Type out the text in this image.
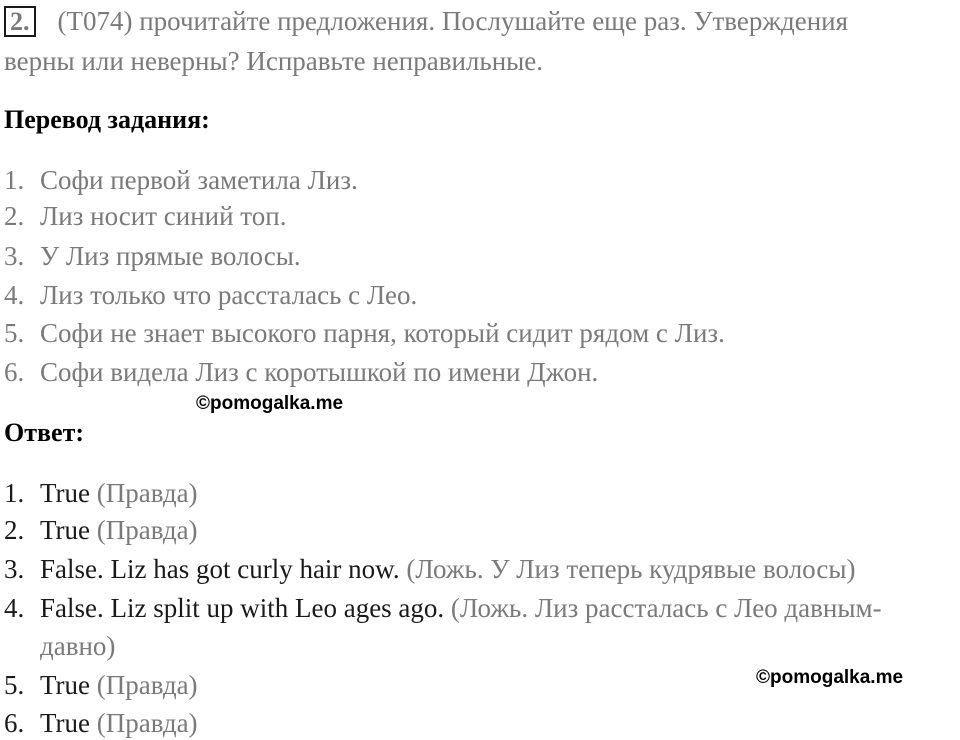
2. (T074) прочитайте предложения. Послушайте еще раз. Утверждения
верны или неверны? Исправьте неправильные.
Перевод задания:
1. Софи первой заметила Лиз.
2. Лиз носит синий топ.
3. У Лиз прямые волосы.
4. Лиз только что рассталась с Лео.
5. Софи не знает высокого парня, который сидит рядом с Лиз.
6. Софи видела Лиз с коротышкой по имени Джон.
©pomogalka.me
Ответ:
1. True (Правда)
2. True (Правда)
3. False. Liz has got curly hair now. (Ложь. У Лиз теперь кудрявые волосы)
4. False. Liz split up with Leo ages ago. (Ложь. Лиз рассталась с Лео давным-
давно)
5. True (Правда)	©pomogalka.me
6. True (Правда)
